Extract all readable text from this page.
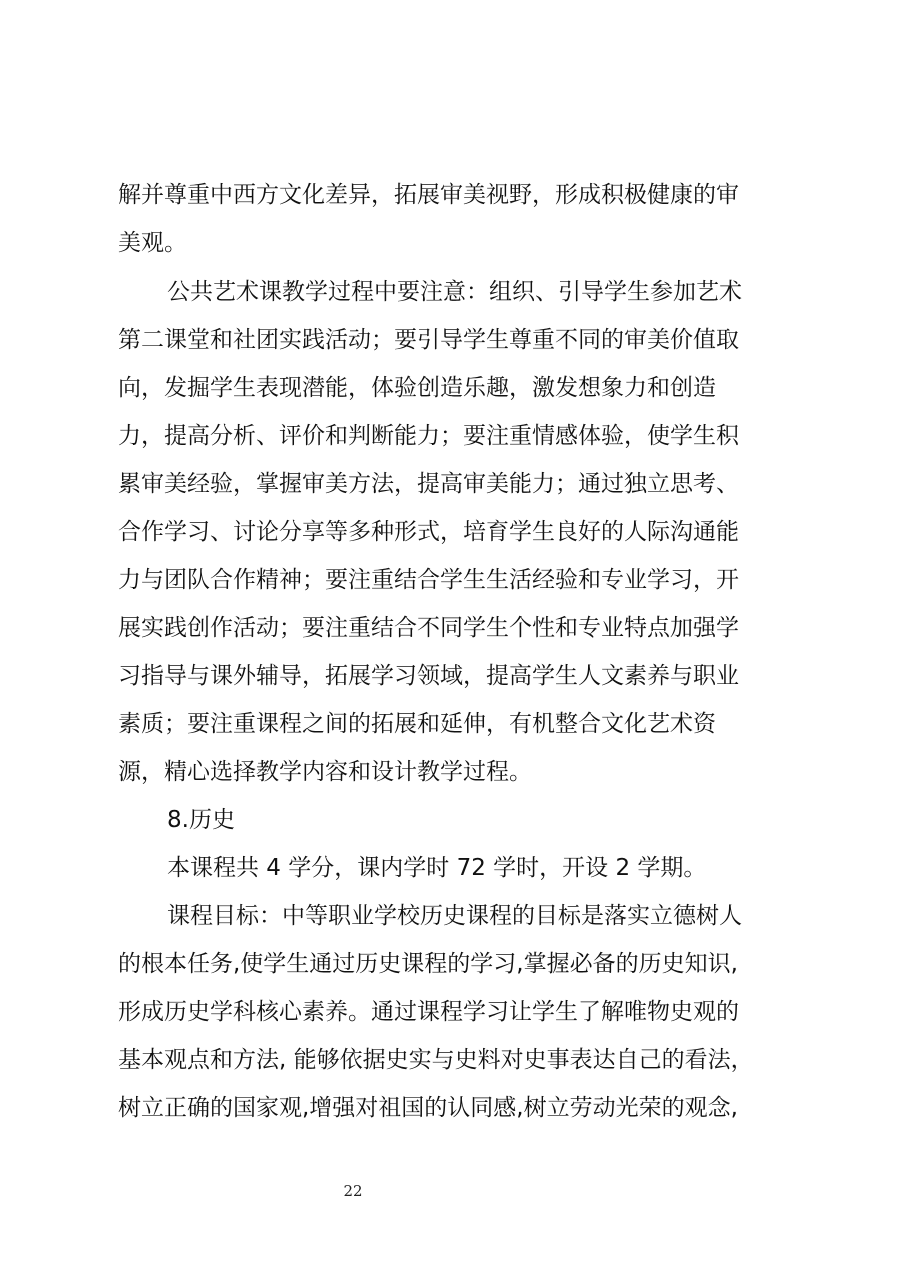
解并尊重中西方文化差异，拓展审美视野，形成积极健康的审

美观。

公共艺术课教学过程中要注意：组织、引导学生参加艺术

第二课堂和社团实践活动；要引导学生尊重不同的审美价值取

向，发掘学生表现潜能，体验创造乐趣，激发想象力和创造

力，提高分析、评价和判断能力；要注重情感体验，使学生积

累审美经验，掌握审美方法，提高审美能力；通过独立思考、

合作学习、讨论分享等多种形式，培育学生良好的人际沟通能

力与团队合作精神；要注重结合学生生活经验和专业学习，开

展实践创作活动；要注重结合不同学生个性和专业特点加强学

习指导与课外辅导，拓展学习领域，提高学生人文素养与职业

素质；要注重课程之间的拓展和延伸，有机整合文化艺术资

源，精心选择教学内容和设计教学过程。

8.历史

本课程共 4 学分，课内学时 72 学时，开设 2 学期。

课程目标：中等职业学校历史课程的目标是落实立德树人

的根本任务,使学生通过历史课程的学习,掌握必备的历史知识,

形成历史学科核心素养。通过课程学习让学生了解唯物史观的

基本观点和方法, 能够依据史实与史料对史事表达自己的看法，

树立正确的国家观,增强对祖国的认同感,树立劳动光荣的观念,

22
